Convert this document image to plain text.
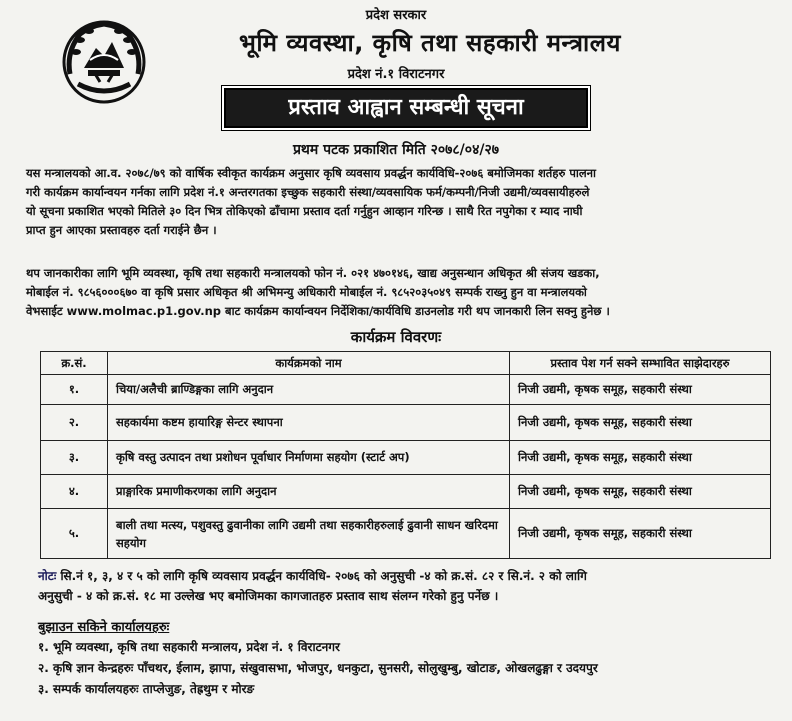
प्रदेश सरकार
भूमि व्यवस्था, कृषि तथा सहकारी मन्त्रालय
प्रदेश नं.१ विराटनगर
प्रस्ताव आह्वान सम्बन्धी सूचना
प्रथम पटक प्रकाशित मिति २०७८/०४/२७
यस मन्त्रालयको आ.व. २०७८/७९ को वार्षिक स्वीकृत कार्यक्रम अनुसार कृषि व्यवसाय प्रवर्द्धन कार्यविधि-२०७६ बमोजिमका शर्तहरु पालना
गरी कार्यक्रम कार्यान्वयन गर्नका लागि प्रदेश नं.१ अन्तरगतका इच्छुक सहकारी संस्था/व्यवसायिक फर्म/कम्पनी/निजी उद्यमी/व्यवसायीहरुले
यो सूचना प्रकाशित भएको मितिले ३० दिन भित्र तोकिएको ढाँचामा प्रस्ताव दर्ता गर्नुहुन आव्हान गरिन्छ । साथै रित नपुगेका र म्याद नाघी
प्राप्त हुन आएका प्रस्तावहरु दर्ता गराईने छैन ।
थप जानकारीका लागि भूमि व्यवस्था, कृषि तथा सहकारी मन्त्रालयको फोन नं. ०२१ ४७०१४६, खाद्य अनुसन्धान अधिकृत श्री संजय खडका,
मोबाईल नं. ९८५६०००६७० वा कृषि प्रसार अधिकृत श्री अभिमन्यु अधिकारी मोबाईल नं. ९८५२०३५०४९ सम्पर्क राख्नु हुन वा मन्त्रालयको
वेभसाईट www.molmac.p1.gov.np बाट कार्यक्रम कार्यान्वयन निर्देशिका/कार्यविधि डाउनलोड गरी थप जानकारी लिन सक्नु हुनेछ ।
कार्यक्रम विवरणः
क्र.सं.	कार्यक्रमको नाम	प्रस्ताव पेश गर्न सक्ने सम्भावित साझेदारहरु
१.	चिया/अलैची ब्राण्डिङ्गका लागि अनुदान	निजी उद्यमी, कृषक समूह, सहकारी संस्था
२.	सहकार्यमा कष्टम हायारिङ्ग सेन्टर स्थापना	निजी उद्यमी, कृषक समूह, सहकारी संस्था
३.	कृषि वस्तु उत्पादन तथा प्रशोधन पूर्वाधार निर्माणमा सहयोग (स्टार्ट अप)	निजी उद्यमी, कृषक समूह, सहकारी संस्था
४.	प्राङ्गारिक प्रमाणीकरणका लागि अनुदान	निजी उद्यमी, कृषक समूह, सहकारी संस्था
५.	बाली तथा मत्स्य, पशुवस्तु ढुवानीका लागि उद्यमी तथा सहकारीहरुलाई ढुवानी साधन खरिदमा सहयोग	निजी उद्यमी, कृषक समूह, सहकारी संस्था
नोटः सि.नं १, ३, ४ र ५ को लागि कृषि व्यवसाय प्रवर्द्धन कार्यविधि- २०७६ को अनुसुची -४ को क्र.सं. ८२ र सि.नं. २ को लागि
अनुसुची - ४ को क्र.सं. १८ मा उल्लेख भए बमोजिमका कागजातहरु प्रस्ताव साथ संलग्न गरेको हुनु पर्नेछ ।
बुझाउन सकिने कार्यालयहरुः
१. भूमि व्यवस्था, कृषि तथा सहकारी मन्त्रालय, प्रदेश नं. १ विराटनगर
२. कृषि ज्ञान केन्द्रहरुः पाँचथर, ईलाम, झापा, संखुवासभा, भोजपुर, धनकुटा, सुनसरी, सोलुखुम्बु, खोटाङ, ओखलढुङ्गा र उदयपुर
३. सम्पर्क कार्यालयहरुः ताप्लेजुङ, तेह्रथुम र मोरङ
